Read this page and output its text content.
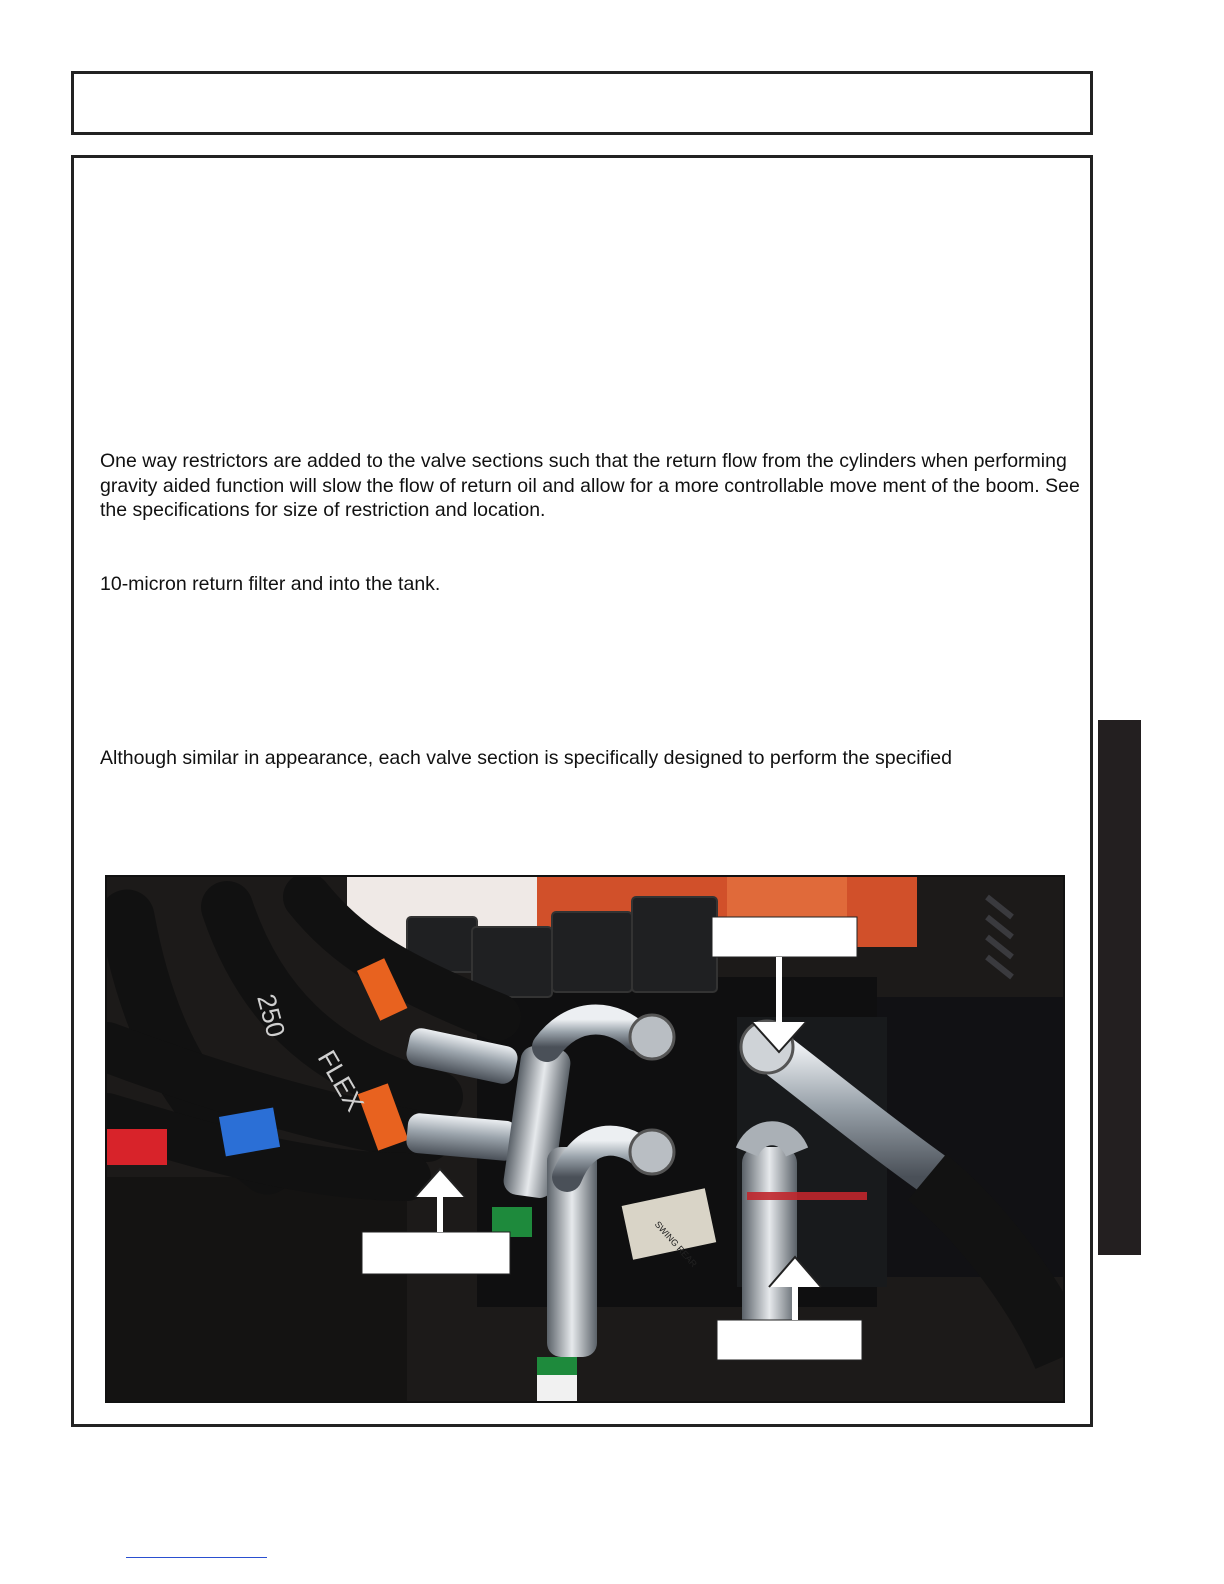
One way restrictors are added to the valve sections such that the return flow from the cylinders when performing gravity aided function will slow the flow of return oil and allow for a more controllable move ment of the boom. See the specifications for size of restriction and location.

10-micron return filter and into the tank.

Although similar in appearance, each valve section is specifically designed to perform the specified

250
FLEX
SWING REAR
